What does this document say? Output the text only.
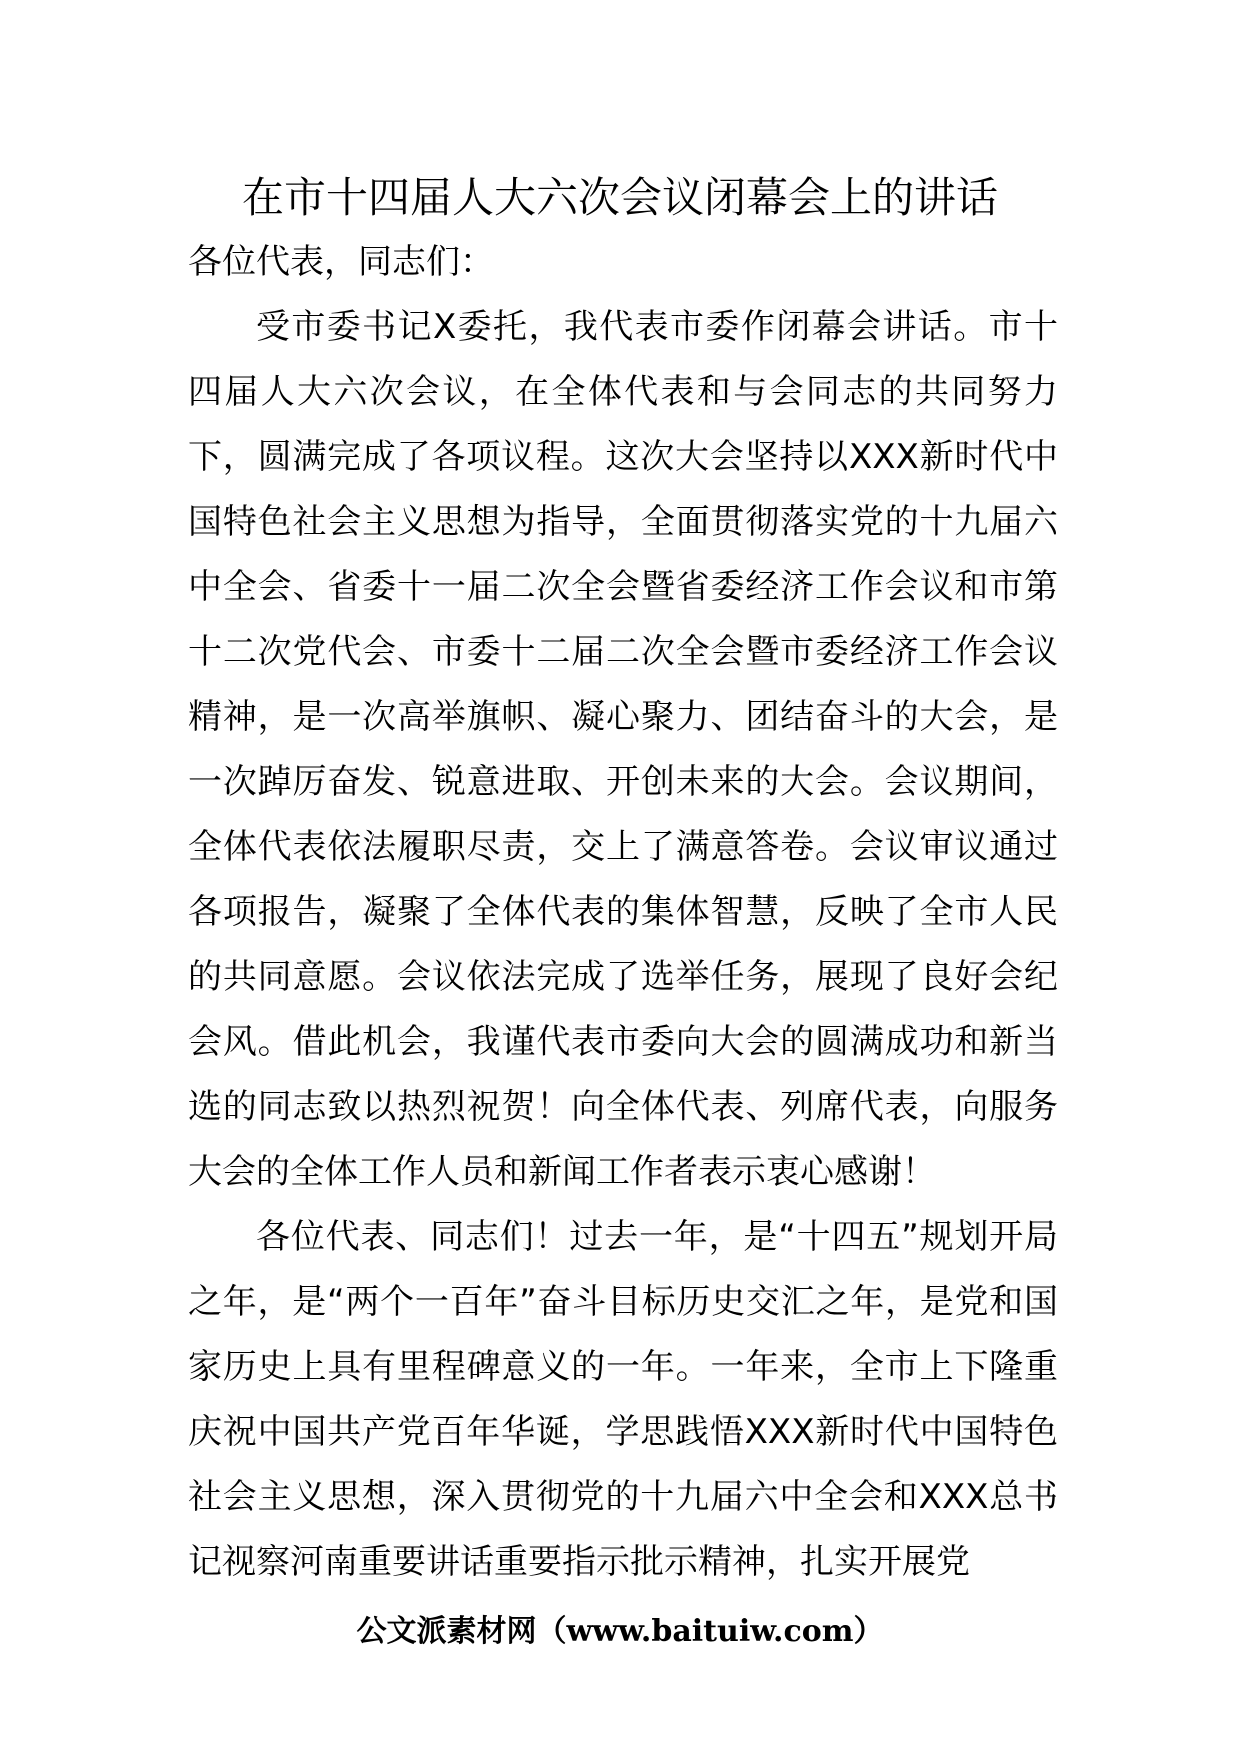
在市十四届人大六次会议闭幕会上的讲话

各位代表，同志们：

受市委书记X委托，我代表市委作闭幕会讲话。市十四届人大六次会议，在全体代表和与会同志的共同努力下，圆满完成了各项议程。这次大会坚持以XXX新时代中国特色社会主义思想为指导，全面贯彻落实党的十九届六中全会、省委十一届二次全会暨省委经济工作会议和市第十二次党代会、市委十二届二次全会暨市委经济工作会议精神，是一次高举旗帜、凝心聚力、团结奋斗的大会，是一次踔厉奋发、锐意进取、开创未来的大会。会议期间，全体代表依法履职尽责，交上了满意答卷。会议审议通过各项报告，凝聚了全体代表的集体智慧，反映了全市人民的共同意愿。会议依法完成了选举任务，展现了良好会纪会风。借此机会，我谨代表市委向大会的圆满成功和新当选的同志致以热烈祝贺！向全体代表、列席代表，向服务大会的全体工作人员和新闻工作者表示衷心感谢！

各位代表、同志们！过去一年，是“十四五”规划开局之年，是“两个一百年”奋斗目标历史交汇之年，是党和国家历史上具有里程碑意义的一年。一年来，全市上下隆重庆祝中国共产党百年华诞，学思践悟XXX新时代中国特色社会主义思想，深入贯彻党的十九届六中全会和XXX总书记视察河南重要讲话重要指示批示精神，扎实开展党

公文派素材网（www.baituiw.com）
